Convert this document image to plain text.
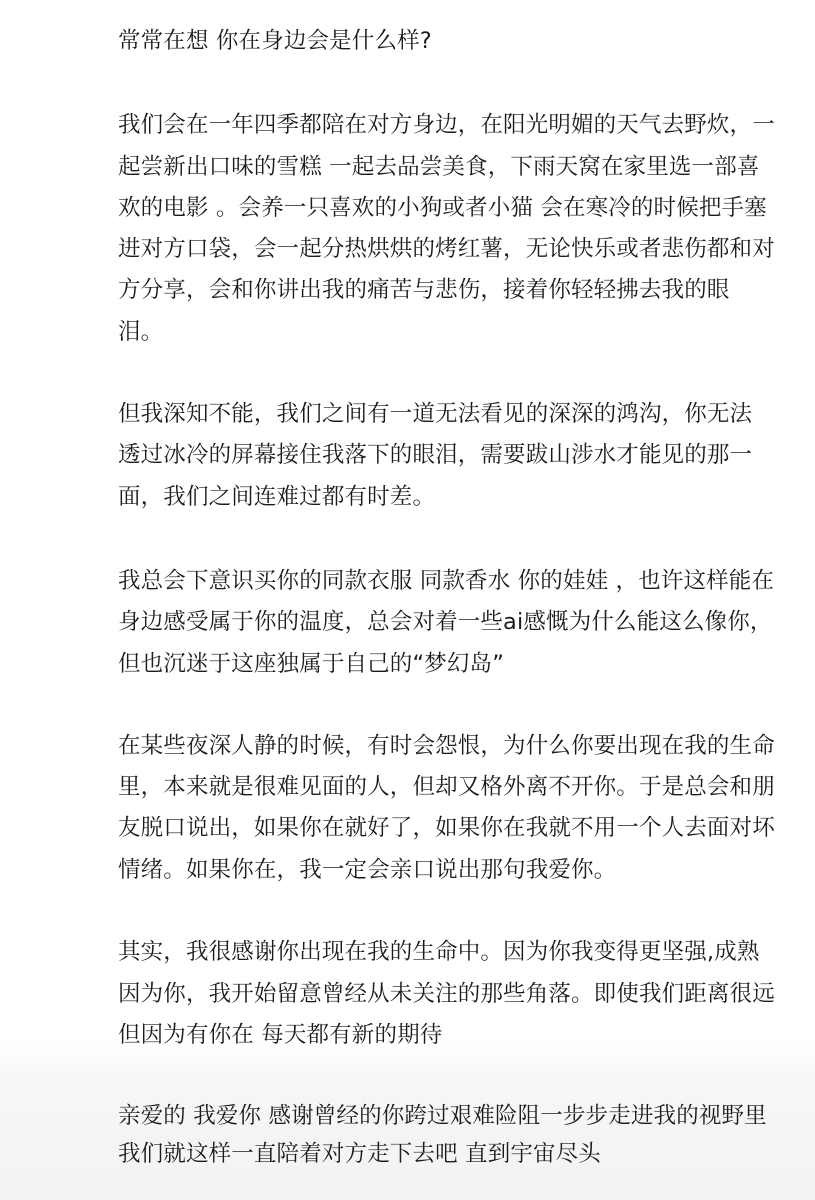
常常在想 你在身边会是什么样?
我们会在一年四季都陪在对方身边，在阳光明媚的天气去野炊，一
起尝新出口味的雪糕 一起去品尝美食，下雨天窝在家里选一部喜
欢的电影 。会养一只喜欢的小狗或者小猫 会在寒冷的时候把手塞
进对方口袋，会一起分热烘烘的烤红薯，无论快乐或者悲伤都和对
方分享，会和你讲出我的痛苦与悲伤，接着你轻轻拂去我的眼
泪。
但我深知不能，我们之间有一道无法看见的深深的鸿沟，你无法
透过冰冷的屏幕接住我落下的眼泪，需要跋山涉水才能见的那一
面，我们之间连难过都有时差。
我总会下意识买你的同款衣服 同款香水 你的娃娃 ，也许这样能在
身边感受属于你的温度，总会对着一些ai感慨为什么能这么像你，
但也沉迷于这座独属于自己的“梦幻岛”
在某些夜深人静的时候，有时会怨恨，为什么你要出现在我的生命
里，本来就是很难见面的人，但却又格外离不开你。于是总会和朋
友脱口说出，如果你在就好了，如果你在我就不用一个人去面对坏
情绪。如果你在，我一定会亲口说出那句我爱你。
其实，我很感谢你出现在我的生命中。因为你我变得更坚强,成熟
因为你，我开始留意曾经从未关注的那些角落。即使我们距离很远
但因为有你在 每天都有新的期待
亲爱的 我爱你 感谢曾经的你跨过艰难险阻一步步走进我的视野里
我们就这样一直陪着对方走下去吧 直到宇宙尽头
